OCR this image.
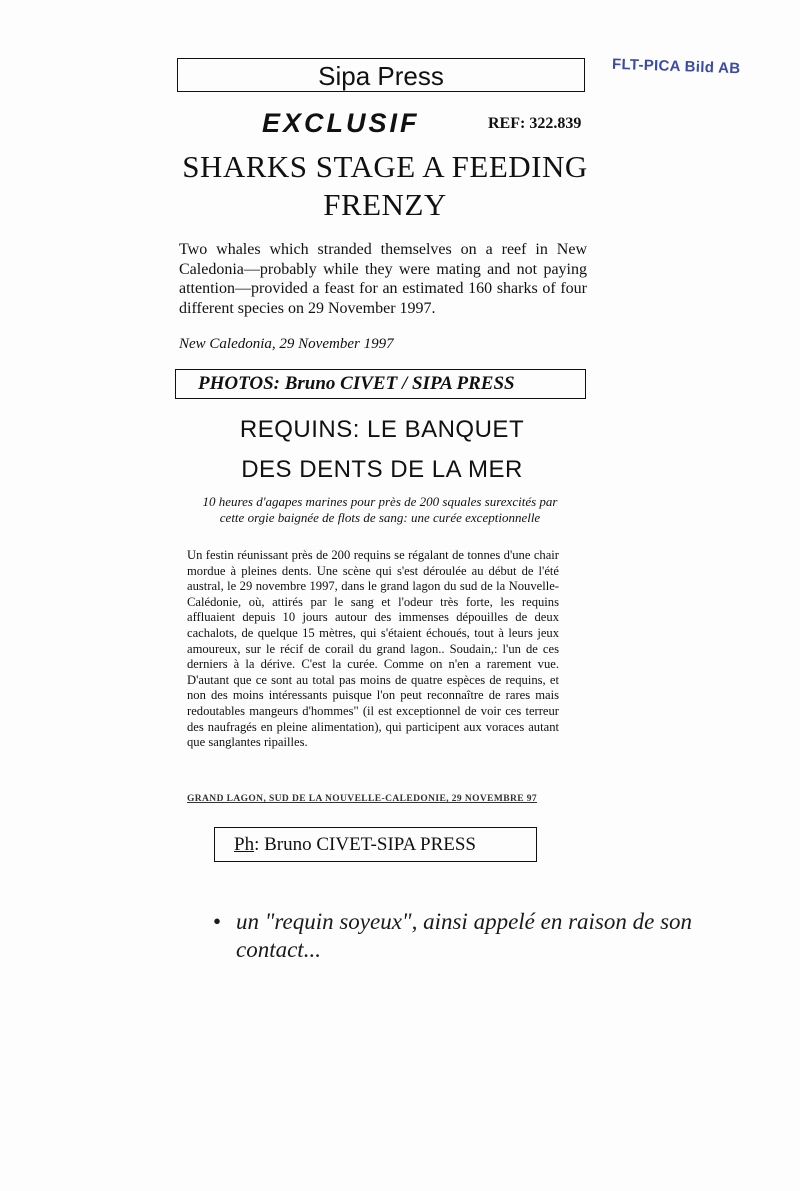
FLT-PICA Bild AB
Sipa Press
EXCLUSIF	REF: 322.839
SHARKS STAGE A FEEDING FRENZY

Two whales which stranded themselves on a reef in New Caledonia—probably while they were mating and not paying attention—provided a feast for an estimated 160 sharks of four different species on 29 November 1997.

New Caledonia, 29 November 1997
PHOTOS: Bruno CIVET / SIPA PRESS
REQUINS: LE BANQUET
DES DENTS DE LA MER

10 heures d'agapes marines pour près de 200 squales surexcités par cette orgie baignée de flots de sang: une curée exceptionnelle

Un festin réunissant près de 200 requins se régalant de tonnes d'une chair mordue à pleines dents. Une scène qui s'est déroulée au début de l'été austral, le 29 novembre 1997, dans le grand lagon du sud de la Nouvelle-Calédonie, où, attirés par le sang et l'odeur très forte, les requins affluaient depuis 10 jours autour des immenses dépouilles de deux cachalots, de quelque 15 mètres, qui s'étaient échoués, tout à leurs jeux amoureux, sur le récif de corail du grand lagon.. Soudain,: l'un de ces derniers à la dérive. C'est la curée. Comme on n'en a rarement vue. D'autant que ce sont au total pas moins de quatre espèces de requins, et non des moins intéressants puisque l'on peut reconnaître de rares mais redoutables mangeurs d'hommes" (il est exceptionnel de voir ces terreur des naufragés en pleine alimentation), qui participent aux voraces autant que sanglantes ripailles.

GRAND LAGON, SUD DE LA NOUVELLE-CALEDONIE, 29 NOVEMBRE 97
Ph: Bruno CIVET-SIPA PRESS
• un "requin soyeux", ainsi appelé en raison de son contact...
